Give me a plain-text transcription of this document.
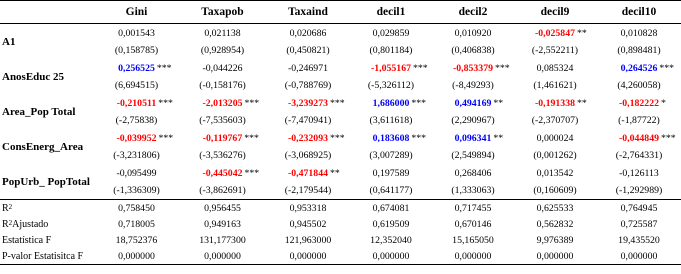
	Gini	Taxapob	Taxaind	decil1	decil2	decil9	decil10
A1	0,001543	0,021138	0,020686	0,029859	0,010920	-0,025847 **	0,010828
	(0,158785)	(0,928954)	(0,450821)	(0,801184)	(0,406838)	(-2,552211)	(0,898481)
AnosEduc 25	0,256525 ***	-0,044226	-0,246971	-1,055167 ***	-0,853379 ***	0,085324	0,264526 ***

	(6,694515)	(-0,158176)	(-0,788769)	(-5,326112)	(-8,49293)	(1,461621)	(4,260058)
Area_Pop Total	-0,210511 ***	-2,013205 ***	-3,239273 ***	1,686000 ***	0,494169 **	-0,191338 **	-0,182222 *

	(-2,75838)	(-7,535603)	(-7,470941)	(3,611618)	(2,290967)	(-2,370707)	(-1,87722)
ConsEnerg_Area	-0,039952 ***	-0,119767 ***	-0,232093 ***	0,183608 ***	0,096341 **	0,000024	-0,044849 ***

	(-3,231806)	(-3,536276)	(-3,068925)	(3,007289)	(2,549894)	(0,001262)	(-2,764331)
PopUrb_ PopTotal	-0,095499	-0,445042 ***	-0,471844 **	0,197589	0,268406	0,013542	-0,126113
	(-1,336309)	(-3,862691)	(-2,179544)	(0,641177)	(1,333063)	(0,160609)	(-1,292989)
$R^2$	0,758450	0,956455	0,953318	0,674081	0,717455	0,625533	0,764945
$R^2Ajustado$	0,718005	0,949163	0,945502	0,619509	0,670146	0,562832	0,725587
Estatística F	18,752376	131,177300	121,963000	12,352040	15,165050	9,976389	19,435520
P-valor Estatisitca F	0,000000	0,000000	0,000000	0,000000	0,000000	0,000000	0,000000
